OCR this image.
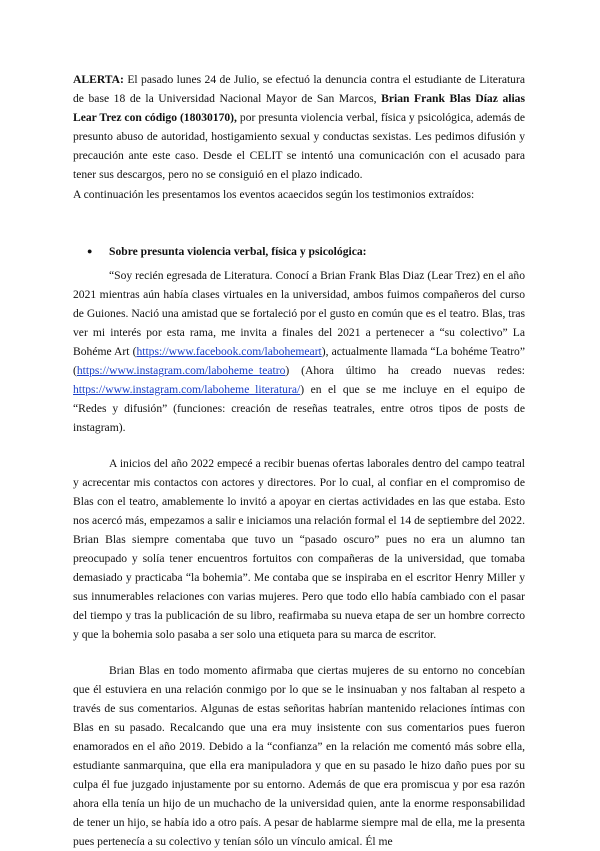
ALERTA: El pasado lunes 24 de Julio, se efectuó la denuncia contra el estudiante de Literatura de base 18 de la Universidad Nacional Mayor de San Marcos, Brian Frank Blas Díaz alias Lear Trez con código (18030170), por presunta violencia verbal, física y psicológica, además de presunto abuso de autoridad, hostigamiento sexual y conductas sexistas. Les pedimos difusión y precaución ante este caso. Desde el CELIT se intentó una comunicación con el acusado para tener sus descargos, pero no se consiguió en el plazo indicado.

A continuación les presentamos los eventos acaecidos según los testimonios extraídos:

●	Sobre presunta violencia verbal, física y psicológica:

“Soy recién egresada de Literatura. Conocí a Brian Frank Blas Diaz (Lear Trez) en el año 2021 mientras aún había clases virtuales en la universidad, ambos fuimos compañeros del curso de Guiones. Nació una amistad que se fortaleció por el gusto en común que es el teatro. Blas, tras ver mi interés por esta rama, me invita a finales del 2021 a pertenecer a “su colectivo” La Bohéme Art (https://www.facebook.com/labohemeart), actualmente llamada “La bohéme Teatro” (https://www.instagram.com/laboheme_teatro) (Ahora último ha creado nuevas redes: https://www.instagram.com/laboheme_literatura/) en el que se me incluye en el equipo de “Redes y difusión” (funciones: creación de reseñas teatrales, entre otros tipos de posts de instagram).

A inicios del año 2022 empecé a recibir buenas ofertas laborales dentro del campo teatral y acrecentar mis contactos con actores y directores. Por lo cual, al confiar en el compromiso de Blas con el teatro, amablemente lo invitó a apoyar en ciertas actividades en las que estaba. Esto nos acercó más, empezamos a salir e iniciamos una relación formal el 14 de septiembre del 2022. Brian Blas siempre comentaba que tuvo un “pasado oscuro” pues no era un alumno tan preocupado y solía tener encuentros fortuitos con compañeras de la universidad, que tomaba demasiado y practicaba “la bohemia”. Me contaba que se inspiraba en el escritor Henry Miller y sus innumerables relaciones con varias mujeres. Pero que todo ello había cambiado con el pasar del tiempo y tras la publicación de su libro, reafirmaba su nueva etapa de ser un hombre correcto y que la bohemia solo pasaba a ser solo una etiqueta para su marca de escritor.

Brian Blas en todo momento afirmaba que ciertas mujeres de su entorno no concebían que él estuviera en una relación conmigo por lo que se le insinuaban y nos faltaban al respeto a través de sus comentarios. Algunas de estas señoritas habrían mantenido relaciones íntimas con Blas en su pasado. Recalcando que una era muy insistente con sus comentarios pues fueron enamorados en el año 2019. Debido a la “confianza” en la relación me comentó más sobre ella, estudiante sanmarquina, que ella era manipuladora y que en su pasado le hizo daño pues por su culpa él fue juzgado injustamente por su entorno. Además de que era promiscua y por esa razón ahora ella tenía un hijo de un muchacho de la universidad quien, ante la enorme responsabilidad de tener un hijo, se había ido a otro país. A pesar de hablarme siempre mal de ella, me la presenta pues pertenecía a su colectivo y tenían sólo un vínculo amical. Él me
